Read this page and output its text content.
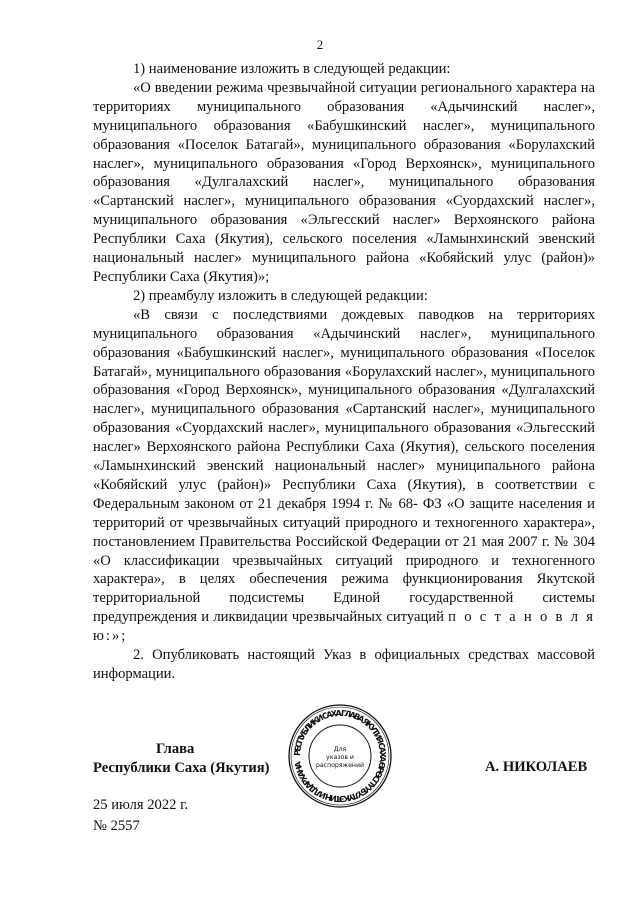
2

1) наименование изложить в следующей редакции:

«О введении режима чрезвычайной ситуации регионального характера на территориях муниципального образования «Адычинский наслег», муниципального образования «Бабушкинский наслег», муниципального образования «Поселок Батагай», муниципального образования «Борулахский наслег», муниципального образования «Город Верхоянск», муниципального образования «Дулгалахский наслег», муниципального образования «Сартанский наслег», муниципального образования «Суордахский наслег», муниципального образования «Эльгесский наслег» Верхоянского района Республики Саха (Якутия), сельского поселения «Ламынхинский эвенский национальный наслег» муниципального района «Кобяйский улус (район)» Республики Саха (Якутия)»;

2) преамбулу изложить в следующей редакции:

«В связи с последствиями дождевых паводков на территориях муниципального образования «Адычинский наслег», муниципального образования «Бабушкинский наслег», муниципального образования «Поселок Батагай», муниципального образования «Борулахский наслег», муниципального образования «Город Верхоянск», муниципального образования «Дулгалахский наслег», муниципального образования «Сартанский наслег», муниципального образования «Суордахский наслег», муниципального образования «Эльгесский наслег» Верхоянского района Республики Саха (Якутия), сельского поселения «Ламынхинский эвенский национальный наслег» муниципального района «Кобяйский улус (район)» Республики Саха (Якутия), в соответствии с Федеральным законом от 21 декабря 1994 г. № 68- ФЗ «О защите населения и территорий от чрезвычайных ситуаций природного и техногенного характера», постановлением Правительства Российской Федерации от 21 мая 2007 г. № 304 «О классификации чрезвычайных ситуаций природного и техногенного характера», в целях обеспечения режима функционирования Якутской территориальной подсистемы Единой государственной системы предупреждения и ликвидации чрезвычайных ситуаций п о с т а н о в л я ю:»;

2. Опубликовать настоящий Указ в официальных средствах массовой информации.

Глава
Республики Саха (Якутия)
РЕСПУБЛИКИ САХА ГЛАВА ЯКУТИЯ САХА ӨРӨСПҮҮБҮЛҮКЭТИН ИЛ ДАРХАНА
Для
указов и
распоряжений	А. НИКОЛАЕВ
25 июля 2022 г.
№ 2557
